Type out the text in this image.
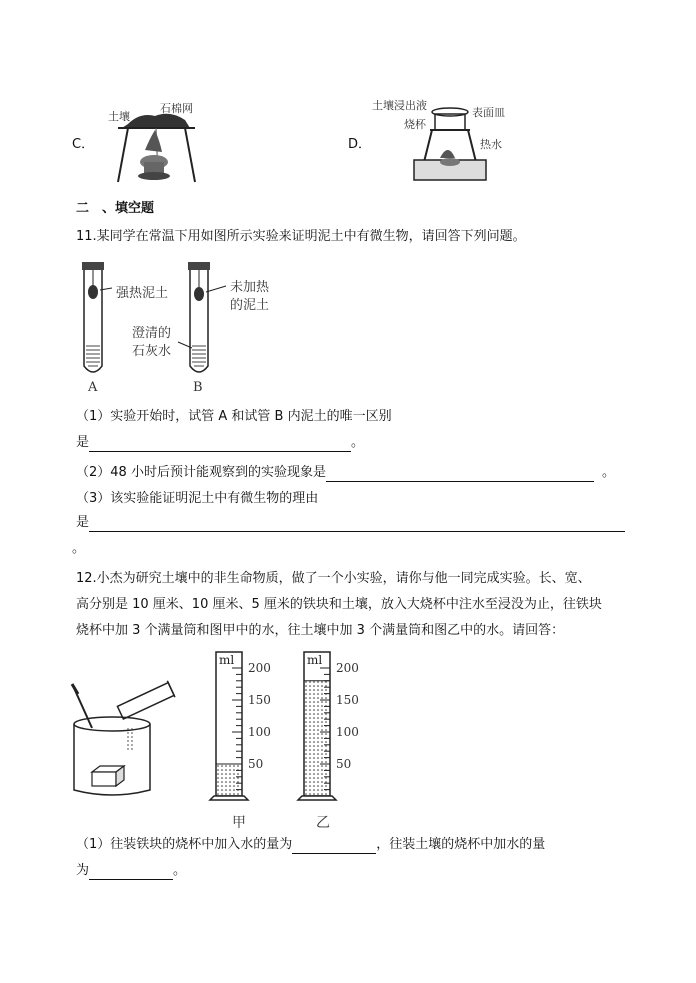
C．
土壤
石棉网
D．
土壤浸出液
烧杯
表面皿
热水
二　、填空题
11.某同学在常温下用如图所示实验来证明泥土中有微生物，请回答下列问题。
强热泥土	未加热
的泥土
澄清的
石灰水
A	B
（1）实验开始时，试管 A 和试管 B 内泥土的唯一区别
是	。
（2）48 小时后预计能观察到的实验现象是	。
（3）该实验能证明泥土中有微生物的理由
是
。
12.小杰为研究土壤中的非生命物质，做了一个小实验，请你与他一同完成实验。长、宽、
高分别是 10 厘米、10 厘米、5 厘米的铁块和土壤，放入大烧杯中注水至浸没为止，往铁块
烧杯中加 3 个满量筒和图甲中的水，往土壤中加 3 个满量筒和图乙中的水。请回答：
ml
200
150
100
50
ml
200
150
100
50
甲	乙
（1）往装铁块的烧杯中加入水的量为	，往装土壤的烧杯中加水的量
为	。
